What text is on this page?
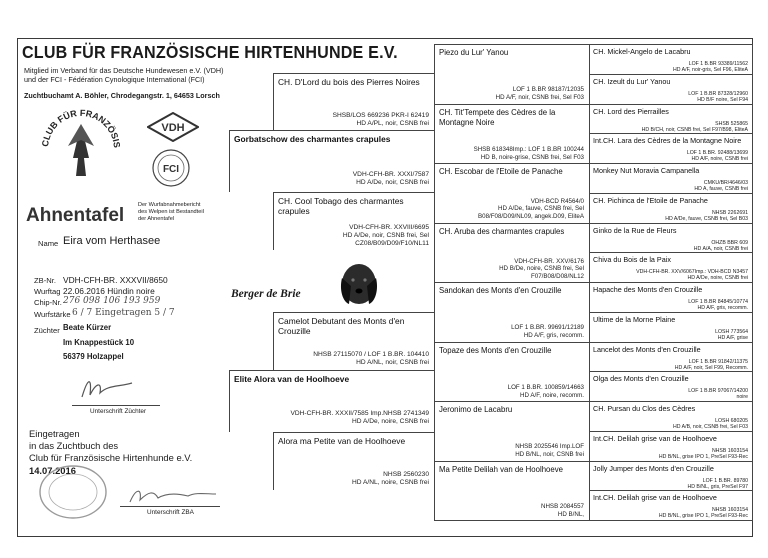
CLUB FÜR FRANZÖSISCHE HIRTENHUNDE E.V.
Mitglied im Verband für das Deutsche Hundewesen e.V. (VDH)
und der FCI - Fédération Cynologique International (FCI)
Zuchtbuchamt A. Böhler, Chrodegangstr. 1, 64653 Lorsch
CLUB FÜR FRANZÖSIS
VDH
FCI
Ahnentafel Der Wurfabnahmebericht
des Welpen ist Bestandteil
der Ahnentafel
Name Eira vom Herthasee
ZB-Nr. VDH-CFH-BR. XXXVII/8650
Wurftag 22.06.2016 Hündin noire
Chip-Nr. 276 098 106 193 959
Wurfstärke 6 / 7 Eingetragen 5 / 7
Züchter Beate Kürzer
Im Knappestück 10
56379 Holzappel
Unterschrift Züchter
Eingetragen
in das Zuchtbuch des
Club für Französische Hirtenhunde e.V.
14.07.2016
Unterschrift ZBA
Berger de Brie
Gorbatschow des charmantes crapules
VDH-CFH-BR. XXXI/7587
HD A/De, noir, CSNB frei
Elite Alora van de Hoolhoeve
VDH-CFH-BR. XXXII/7585 Imp.NHSB 2741349
HD A/De, noire, CSNB frei
CH. D'Lord du bois des Pierres Noires
SHSB/LOS 669236 PKR-I 62419
HD A/PL, noir, CSNB frei
CH. Cool Tobago des charmantes crapules
VDH-CFH-BR. XXVIII/6695
HD A/De, noir, CSNB frei, Sel
CZ08/B09/D09/F10/NL11
Camelot Debutant des Monts d'en Crouzille
NHSB 27115070 / LOF 1 B.BR. 104410
HD A/NL, noir, CSNB frei
Alora ma Petite van de Hoolhoeve
NHSB 2560230
HD A/NL, noire, CSNB frei
Piezo du Lur' Yanou
LOF 1 B.BR 98187/12035
HD A/F, noir, CSNB frei, Sel F03
CH. Tit'Tempete des Cèdres de la Montagne Noire
SHSB 618348Imp.: LOF 1 B.BR 100244
HD B, noire-grise, CSNB frei, Sel F03
CH. Escobar de l'Etoile de Panache
VDH-BCD R4564/0
HD A/De, fauve, CSNB frei, Sel
B08/F08/D09/NL09, angek.D09, EliteA
CH. Aruba des charmantes crapules
VDH-CFH-BR. XXV/6176
HD B/De, noire, CSNB frei, Sel
F07/B08/D08/NL12
Sandokan des Monts d'en Crouzille
LOF 1 B.BR. 99691/12189
HD A/F, gris, recomm.
Topaze des Monts d'en Crouzille
LOF 1 B.BR. 100859/14663
HD A/F, noire, recomm.
Jeronimo de Lacabru
NHSB 2025546 Imp.LOF
HD B/NL, noir, CSNB frei
Ma Petite Delilah van de Hoolhoeve
NHSB 2084557
HD B/NL,
CH. Mickel-Angelo de Lacabru
LOF 1 B.BR 93389/11562
HD A/F, noir-gris, Sel F96, EliteA
CH. Izeult du Lur' Yanou
LOF 1 B.BR 87328/12960
HD B/F noire, Sel F94
CH. Lord des Pierrailles
SHSB 525865
HD B/CH, noir, CSNB frei, Sel F97/B98, EliteA
Int.CH. Lara des Cèdres de la Montagne Noire
LOF 1 B.BR. 92488/13699
HD A/F, noire, CSNB frei
Monkey Nut Moravia Campanella
CMKU/BR/4646/03
HD A, fauve, CSNB frei
CH. Pichinca de l'Etoile de Panache
NHSB 2262691
HD A/De, fauve, CSNB frei, Sel B03
Ginko de la Rue de Fleurs
OHZB BBR 609
HD A/A, noir, CSNB frei
Chiva du Bois de la Paix
VDH-CFH-BR. XXV/6067Imp.: VDH-BCD N3457
HD A/De, noire, CSNB frei
Hapache des Monts d'en Crouzille
LOF 1 B.BR 84845/10774
HD A/F, gris, recomm.
Ultime de la Morne Plaine
LOSH 773564
HD A/F, grise
Lancelot des Monts d'en Crouzille
LOF 1 B.BR 91842/11375
HD A/F, noir, Sel F99, Recomm.
Olga des Monts d'en Crouzille
LOF 1 B.BR 97067/14200
noire
CH. Pursan du Clos des Cèdres
LOSH 680205
HD A/B, noir, CSNB frei, Sel F03
Int.CH. Delilah grise van de Hoolhoeve
NHSB 1603154
HD B/NL, grise IPO 1, PreSel F93-Rec
Jolly Jumper des Monts d'en Crouzille
LOF 1 B.BR. 89780
HD B/NL, gris, PreSel F97
Int.CH. Delilah grise van de Hoolhoeve
NHSB 1603154
HD B/NL, grise IPO 1, PreSel F93-Rec
